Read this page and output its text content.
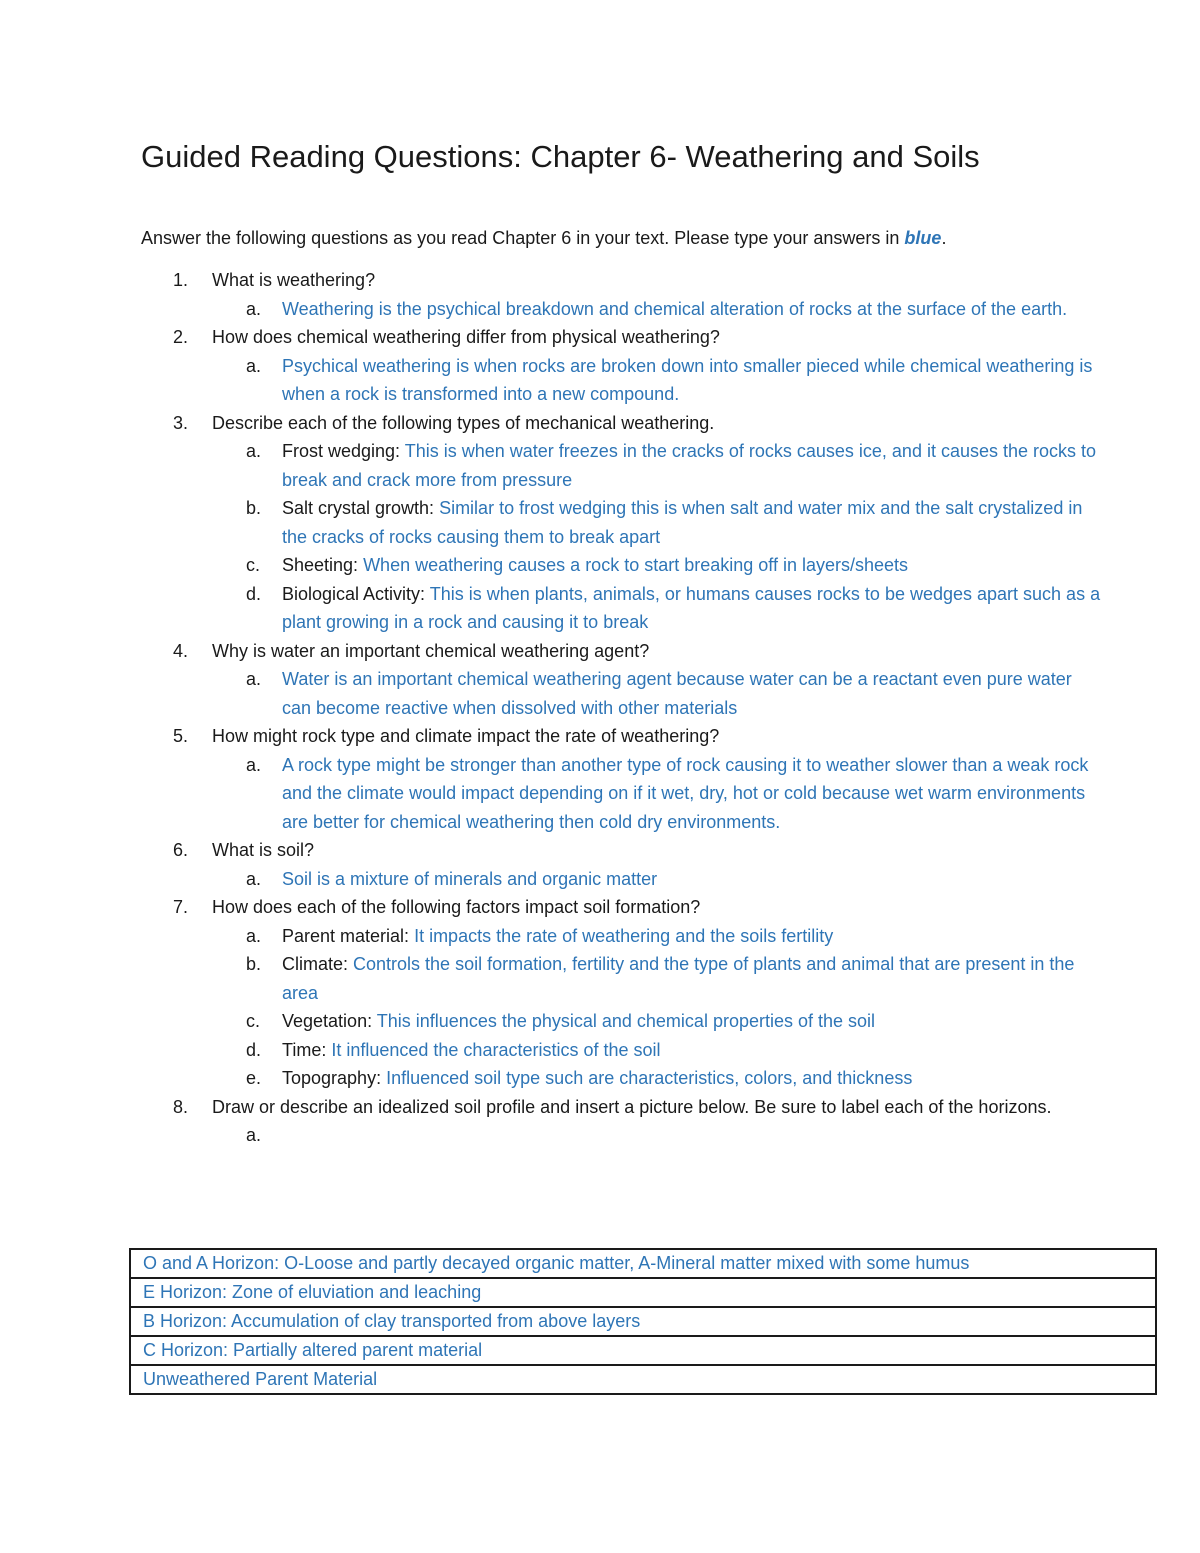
Guided Reading Questions: Chapter 6- Weathering and Soils

Answer the following questions as you read Chapter 6 in your text. Please type your answers in blue.

1. What is weathering?
a. Weathering is the psychical breakdown and chemical alteration of rocks at the surface of the earth.
2. How does chemical weathering differ from physical weathering?
a. Psychical weathering is when rocks are broken down into smaller pieced while chemical weathering is when a rock is transformed into a new compound.
3. Describe each of the following types of mechanical weathering.
a. Frost wedging: This is when water freezes in the cracks of rocks causes ice, and it causes the rocks to break and crack more from pressure
b. Salt crystal growth: Similar to frost wedging this is when salt and water mix and the salt crystalized in the cracks of rocks causing them to break apart
c. Sheeting: When weathering causes a rock to start breaking off in layers/sheets
d. Biological Activity: This is when plants, animals, or humans causes rocks to be wedges apart such as a plant growing in a rock and causing it to break
4. Why is water an important chemical weathering agent?
a. Water is an important chemical weathering agent because water can be a reactant even pure water can become reactive when dissolved with other materials
5. How might rock type and climate impact the rate of weathering?
a. A rock type might be stronger than another type of rock causing it to weather slower than a weak rock and the climate would impact depending on if it wet, dry, hot or cold because wet warm environments are better for chemical weathering then cold dry environments.
6. What is soil?
a. Soil is a mixture of minerals and organic matter
7. How does each of the following factors impact soil formation?
a. Parent material: It impacts the rate of weathering and the soils fertility
b. Climate: Controls the soil formation, fertility and the type of plants and animal that are present in the area
c. Vegetation: This influences the physical and chemical properties of the soil
d. Time: It influenced the characteristics of the soil
e. Topography: Influenced soil type such are characteristics, colors, and thickness
8. Draw or describe an idealized soil profile and insert a picture below. Be sure to label each of the horizons.
a.
O and A Horizon: O-Loose and partly decayed organic matter, A-Mineral matter mixed with some humus
E Horizon: Zone of eluviation and leaching
B Horizon: Accumulation of clay transported from above layers
C Horizon: Partially altered parent material
Unweathered Parent Material
